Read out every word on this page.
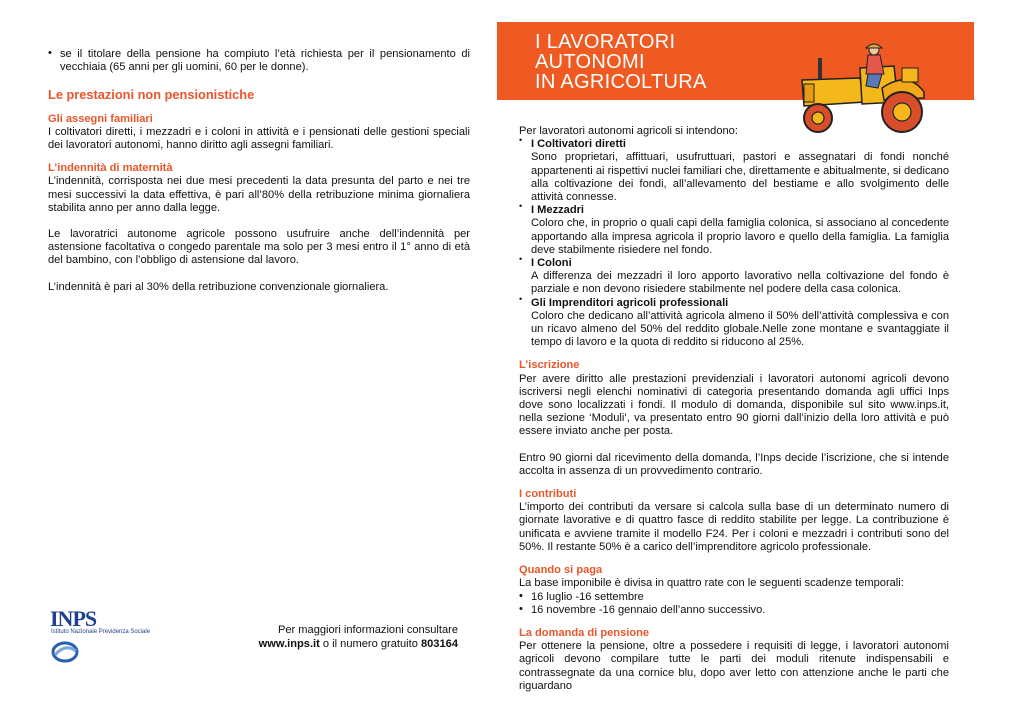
• se il titolare della pensione ha compiuto l’età richiesta per il pensionamento di vecchiaia (65 anni per gli uomini, 60 per le donne).

Le prestazioni non pensionistiche
Gli assegni familiari

I coltivatori diretti, i mezzadri e i coloni in attività e i pensionati delle gestioni speciali dei lavoratori autonomi, hanno diritto agli assegni familiari.

L’indennità di maternità

L’indennità, corrisposta nei due mesi precedenti la data presunta del parto e nei tre mesi successivi la data effettiva, è pari all’80% della retribuzione minima giornaliera stabilita anno per anno dalla legge.

Le lavoratrici autonome agricole possono usufruire anche dell’indennità per astensione facoltativa o congedo parentale ma solo per 3 mesi entro il 1° anno di età del bambino, con l’obbligo di astensione dal lavoro.

L’indennità è pari al 30% della retribuzione convenzionale giornaliera.

INPS
Istituto Nazionale Previdenza Sociale	Per maggiori informazioni consultare
www.inps.it o il numero gratuito 803164
I LAVORATORI
AUTONOMI
IN AGRICOLTURA

Per lavoratori autonomi agricoli si intendono:

• I Coltivatori diretti

Sono proprietari, affittuari, usufruttuari, pastori e assegnatari di fondi nonché appartenenti ai rispettivi nuclei familiari che, direttamente e abitualmente, si dedicano alla coltivazione dei fondi, all’allevamento del bestiame e allo svolgimento delle attività connesse.

• I Mezzadri

Coloro che, in proprio o quali capi della famiglia colonica, si associano al concedente apportando alla impresa agricola il proprio lavoro e quello della famiglia. La famiglia deve stabilmente risiedere nel fondo.

• I Coloni

A differenza dei mezzadri il loro apporto lavorativo nella coltivazione del fondo è parziale e non devono risiedere stabilmente nel podere della casa colonica.

• Gli Imprenditori agricoli professionali

Coloro che dedicano all’attività agricola almeno il 50% dell’attività complessiva e con un ricavo almeno del 50% del reddito globale.Nelle zone montane e svantaggiate il tempo di lavoro e la quota di reddito si riducono al 25%.

L’iscrizione

Per avere diritto alle prestazioni previdenziali i lavoratori autonomi agricoli devono iscriversi negli elenchi nominativi di categoria presentando domanda agli uffici Inps dove sono localizzati i fondi. Il modulo di domanda, disponibile sul sito www.inps.it, nella sezione ‘Moduli’, va presentato entro 90 giorni dall’inizio della loro attività e può essere inviato anche per posta.

Entro 90 giorni dal ricevimento della domanda, l’Inps decide l’iscrizione, che si intende accolta in assenza di un provvedimento contrario.

I contributi

L’importo dei contributi da versare si calcola sulla base di un determinato numero di giornate lavorative e di quattro fasce di reddito stabilite per legge. La contribuzione è unificata e avviene tramite il modello F24. Per i coloni e mezzadri i contributi sono del 50%. Il restante 50% è a carico dell’imprenditore agricolo professionale.

Quando si paga

La base imponibile è divisa in quattro rate con le seguenti scadenze temporali:

• 16 luglio -16 settembre
• 16 novembre -16 gennaio dell’anno successivo.
La domanda di pensione

Per ottenere la pensione, oltre a possedere i requisiti di legge, i lavoratori autonomi agricoli devono compilare tutte le parti dei moduli ritenute indispensabili e contrassegnate da una cornice blu, dopo aver letto con attenzione anche le parti che riguardano
